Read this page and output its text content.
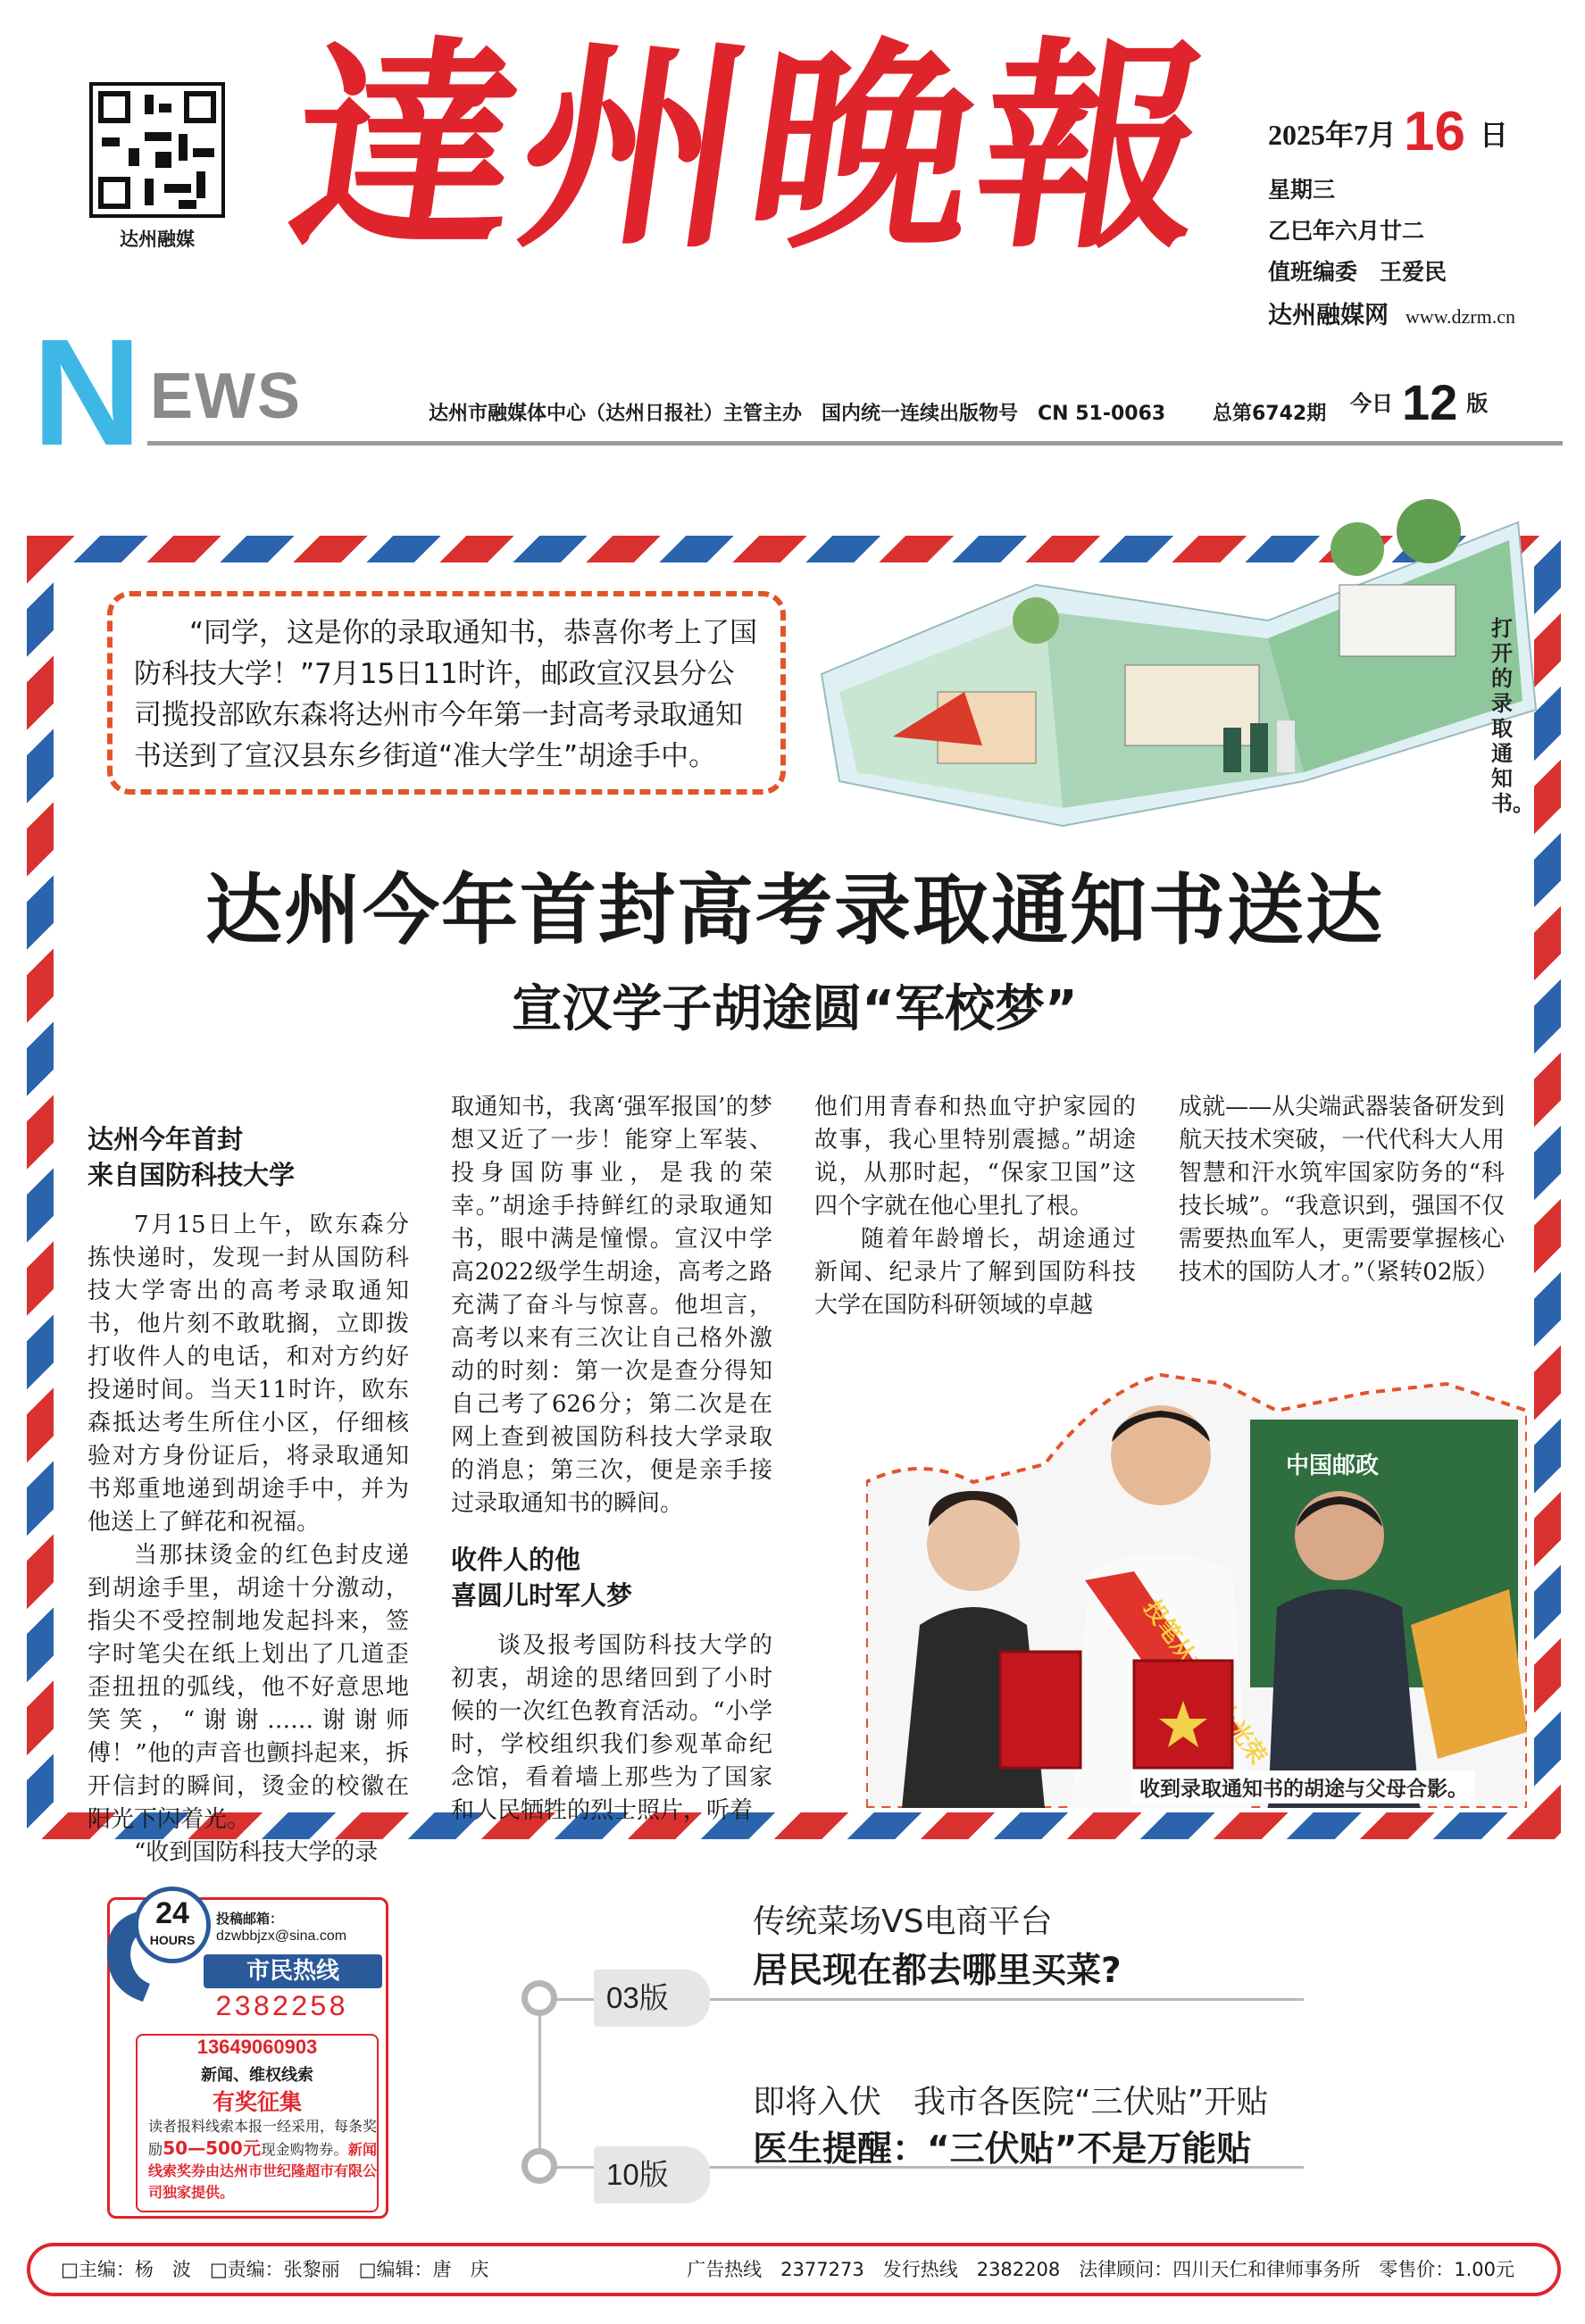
达州融媒 達州晚報 2025年7月 16 日
星期三
乙巳年六月廿二
值班编委　王爱民
达州融媒网 www.dzrm.cn
N EWS	达州市融媒体中心（达州日报社）主管主办　国内统一连续出版物号　CN 51-0063 总第6742期 今日 12 版
“同学，这是你的录取通知书，恭喜你考上了国防科技大学！”7月15日11时许，邮政宣汉县分公司揽投部欧东森将达州市今年第一封高考录取通知书送到了宣汉县东乡街道“准大学生”胡途手中。
打开的录取通知书。
达州今年首封高考录取通知书送达
宣汉学子胡途圆“军校梦”
达州今年首封
来自国防科技大学

7月15日上午，欧东森分拣快递时，发现一封从国防科技大学寄出的高考录取通知书，他片刻不敢耽搁，立即拨打收件人的电话，和对方约好投递时间。当天11时许，欧东森抵达考生所住小区，仔细核验对方身份证后，将录取通知书郑重地递到胡途手中，并为他送上了鲜花和祝福。

当那抹烫金的红色封皮递到胡途手里，胡途十分激动，指尖不受控制地发起抖来，签字时笔尖在纸上划出了几道歪歪扭扭的弧线，他不好意思地笑笑，“谢谢……谢谢师傅！”他的声音也颤抖起来，拆开信封的瞬间，烫金的校徽在阳光下闪着光。

“收到国防科技大学的录

取通知书，我离‘强军报国’的梦想又近了一步！能穿上军装、投身国防事业，是我的荣幸。”胡途手持鲜红的录取通知书，眼中满是憧憬。宣汉中学高2022级学生胡途，高考之路充满了奋斗与惊喜。他坦言，高考以来有三次让自己格外激动的时刻：第一次是查分得知自己考了626分；第二次是在网上查到被国防科技大学录取的消息；第三次，便是亲手接过录取通知书的瞬间。

收件人的他
喜圆儿时军人梦

谈及报考国防科技大学的初衷，胡途的思绪回到了小时候的一次红色教育活动。“小学时，学校组织我们参观革命纪念馆，看着墙上那些为了国家和人民牺牲的烈士照片，听着

他们用青春和热血守护家园的故事，我心里特别震撼。”胡途说，从那时起，“保家卫国”这四个字就在他心里扎了根。

随着年龄增长，胡途通过新闻、纪录片了解到国防科技大学在国防科研领域的卓越

成就——从尖端武器装备研发到航天技术突破，一代代科大人用智慧和汗水筑牢国家防务的“科技长城”。“我意识到，强国不仅需要热血军人，更需要掌握核心技术的国防人才。”（紧转02版）

中国邮政
投笔从戎
收到录取通知书的胡途与父母合影。
24
HOURS
投稿邮箱：
dzwbbjzx@sina.com
市民热线
2382258
13649060903
新闻、维权线索
有奖征集
读者报料线索本报一经采用，每条奖励50—500元现金购物券。新闻线索奖券由达州市世纪隆超市有限公司独家提供。
03版
传统菜场VS电商平台
居民现在都去哪里买菜?
10版
即将入伏　我市各医院“三伏贴”开贴
医生提醒：“三伏贴”不是万能贴
□主编：杨　波　□责编：张黎丽　□编辑：唐　庆	广告热线　2377273　发行热线　2382208　法律顾问：四川天仁和律师事务所　零售价：1.00元
